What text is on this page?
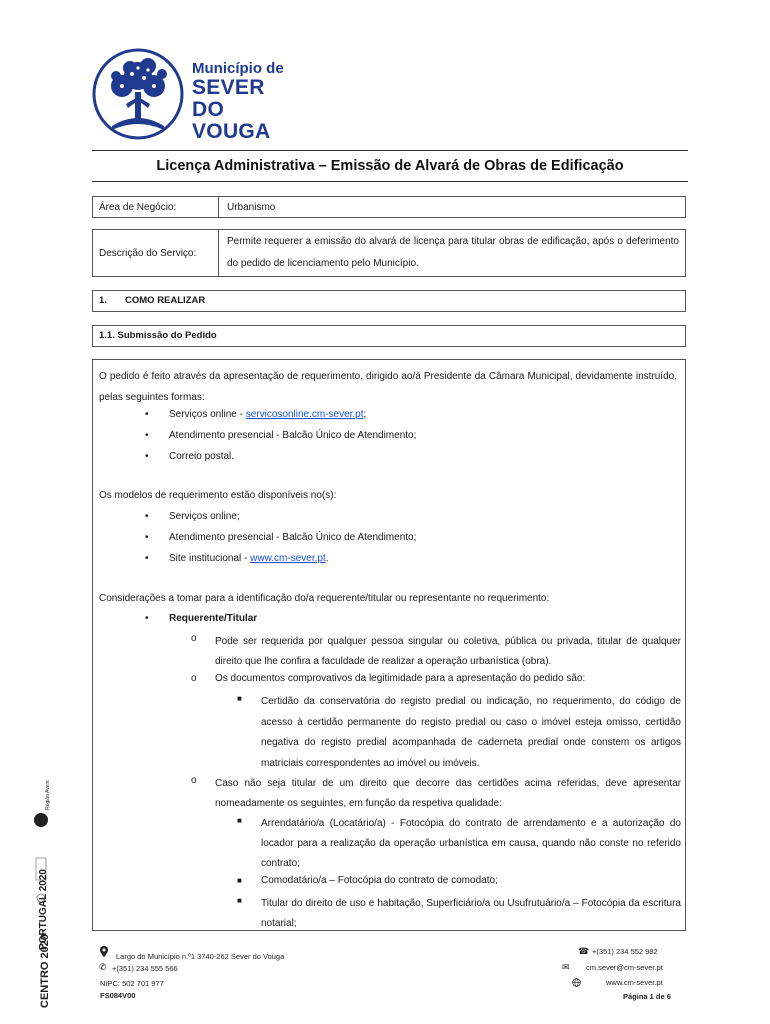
Município de
SEVER DO
VOUGA
Licença Administrativa – Emissão de Alvará de Obras de Edificação
Área de Negócio:	Urbanismo
Descrição do Serviço:
Permite requerer a emissão do alvará de licença para titular obras de edificação, após o deferimento do pedido de licenciamento pelo Município.
1. COMO REALIZAR
1.1. Submissão do Pedido
O pedido é feito através da apresentação de requerimento, dirigido ao/à Presidente da Câmara Municipal, devidamente instruído, pelas seguintes formas:
• Serviços online - servicosonline.cm-sever.pt;
• Atendimento presencial - Balcão Único de Atendimento;
• Correio postal.
Os modelos de requerimento estão disponíveis no(s):
• Serviços online;
• Atendimento presencial - Balcão Único de Atendimento;
• Site institucional - www.cm-sever.pt.
Considerações a tomar para a identificação do/a requerente/titular ou representante no requerimento:
• Requerente/Titular
o Pode ser requerida por qualquer pessoa singular ou coletiva, pública ou privada, titular de qualquer direito que lhe confira a faculdade de realizar a operação urbanística (obra).
o Os documentos comprovativos da legitimidade para a apresentação do pedido são:
■ Certidão da conservatória do registo predial ou indicação, no requerimento, do código de acesso à certidão permanente do registo predial ou caso o imóvel esteja omisso, certidão negativa do registo predial acompanhada de caderneta predial onde constem os artigos matriciais correspondentes ao imóvel ou imóveis.
o Caso não seja titular de um direito que decorre das certidões acima referidas, deve apresentar nomeadamente os seguintes, em função da respetiva qualidade:
■ Arrendatário/a (Locatário/a) - Fotocópia do contrato de arrendamento e a autorização do locador para a realização da operação urbanística em causa, quando não conste no referido contrato;
■ Comodatário/a – Fotocópia do contrato de comodato;
■ Titular do direito de uso e habitação, Superficiário/a ou Usufrutuário/a – Fotocópia da escritura notarial;
Região Aveiro
PORTUGAL 2020
CENTRO 2020	Largo do Município n.º1 3740-262 Sever do Vouga
✆ +(351) 234 555 566
NIPC: 502 701 977
FS084V00
☎ +(351) 234 552 982
✉ cm.sever@cm-sever.pt
www.cm-sever.pt
Página 1 de 6
